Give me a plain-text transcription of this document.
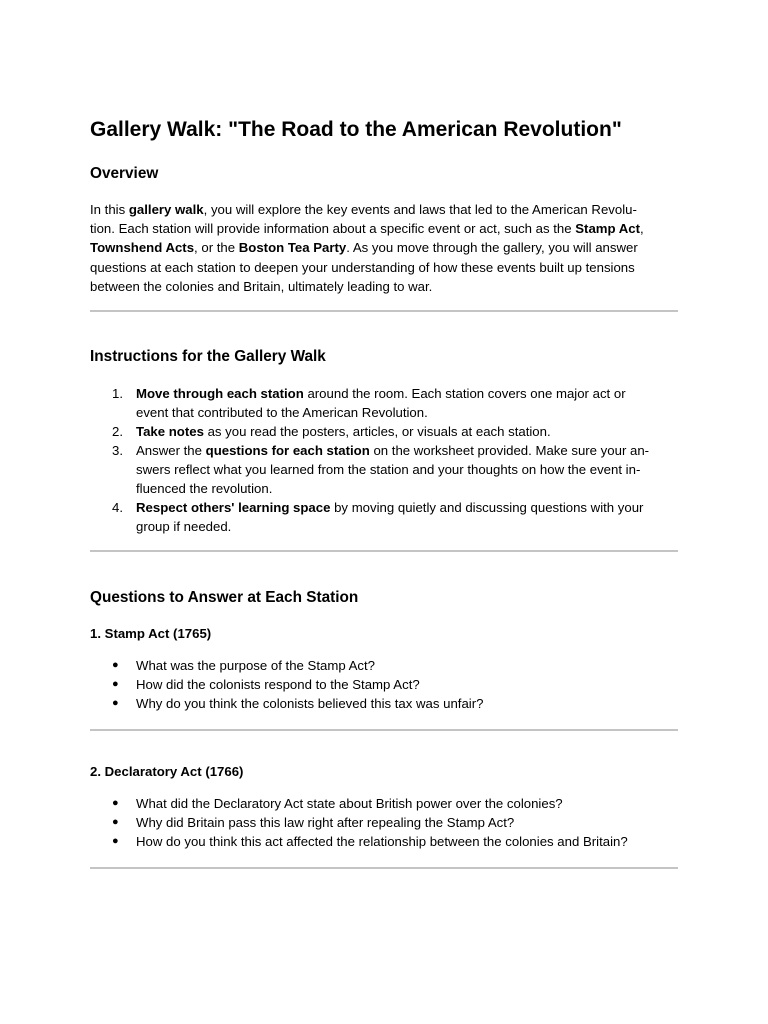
Gallery Walk: "The Road to the American Revolution"
Overview

In this gallery walk, you will explore the key events and laws that led to the American Revolu-
tion. Each station will provide information about a specific event or act, such as the Stamp Act,
Townshend Acts, or the Boston Tea Party. As you move through the gallery, you will answer
questions at each station to deepen your understanding of how these events built up tensions
between the colonies and Britain, ultimately leading to war.

Instructions for the Gallery Walk
1. Move through each station around the room. Each station covers one major act or
event that contributed to the American Revolution.
2. Take notes as you read the posters, articles, or visuals at each station.
3. Answer the questions for each station on the worksheet provided. Make sure your an-
swers reflect what you learned from the station and your thoughts on how the event in-
fluenced the revolution.
4. Respect others' learning space by moving quietly and discussing questions with your
group if needed.
Questions to Answer at Each Station
1. Stamp Act (1765)
● What was the purpose of the Stamp Act?
● How did the colonists respond to the Stamp Act?
● Why do you think the colonists believed this tax was unfair?
2. Declaratory Act (1766)
● What did the Declaratory Act state about British power over the colonies?
● Why did Britain pass this law right after repealing the Stamp Act?
● How do you think this act affected the relationship between the colonies and Britain?
